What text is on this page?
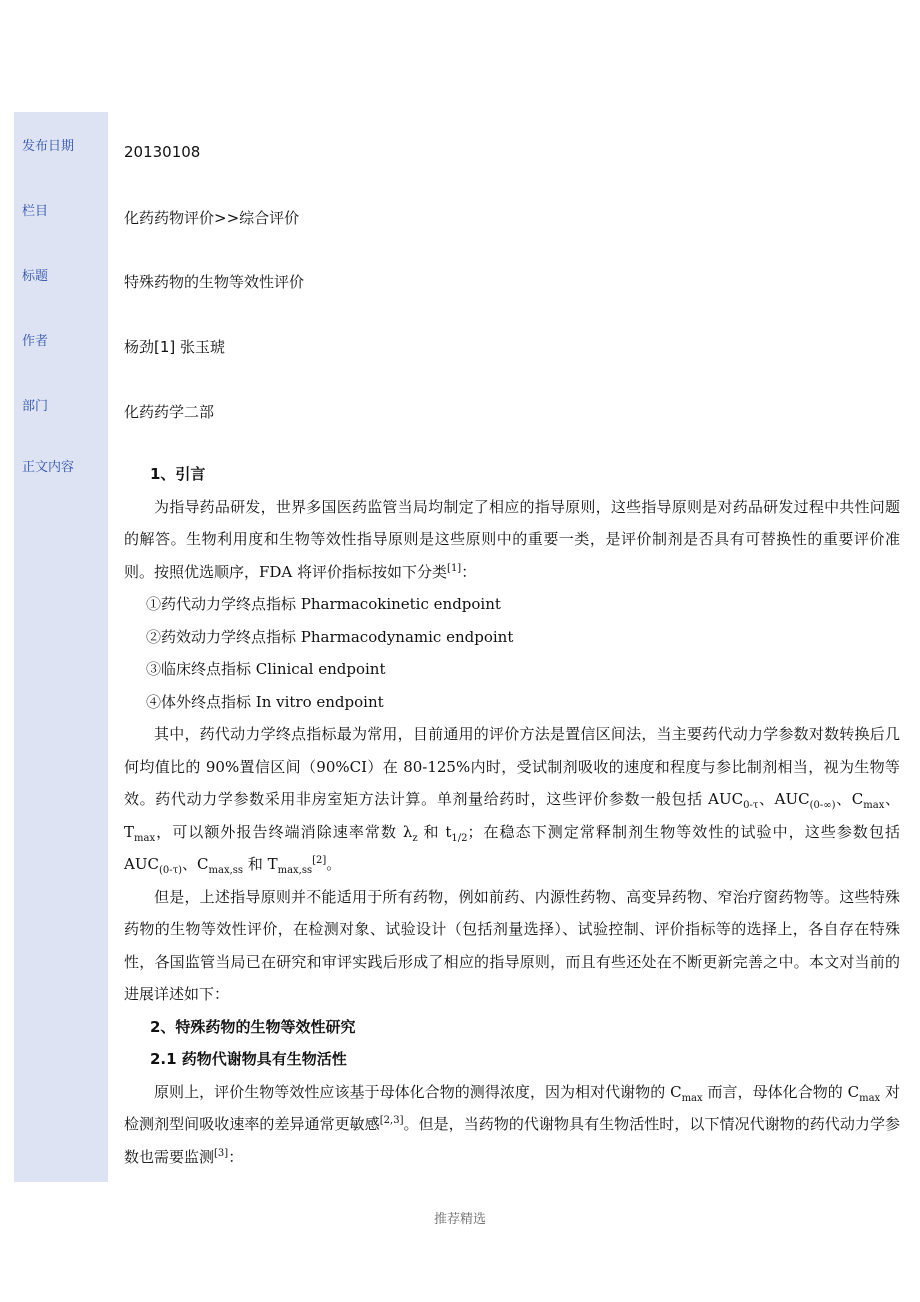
发布日期	20130108
栏目	化药药物评价>>综合评价
标题	特殊药物的生物等效性评价
作者	杨劲[1] 张玉琥
部门	化药药学二部
正文内容	1、引言

为指导药品研发，世界多国医药监管当局均制定了相应的指导原则，这些指导原则是对药品研发过程中共性问题的解答。生物利用度和生物等效性指导原则是这些原则中的重要一类，是评价制剂是否具有可替换性的重要评价准则。按照优选顺序，FDA 将评价指标按如下分类[1]：

①药代动力学终点指标 Pharmacokinetic endpoint

②药效动力学终点指标 Pharmacodynamic endpoint

③临床终点指标 Clinical endpoint

④体外终点指标 In vitro endpoint

其中，药代动力学终点指标最为常用，目前通用的评价方法是置信区间法，当主要药代动力学参数对数转换后几何均值比的 90%置信区间（90%CI）在 80-125%内时，受试制剂吸收的速度和程度与参比制剂相当，视为生物等效。药代动力学参数采用非房室矩方法计算。单剂量给药时，这些评价参数一般包括 $AUC_{0-\tau}$、$AUC_{(0-\infty)}$、$C_{max}$、$T_{max}$，可以额外报告终端消除速率常数 $\lambda_z$ 和 $t_{1/2}$；在稳态下测定常释制剂生物等效性的试验中，这些参数包括 $AUC_{(0-\tau)}$、$C_{max,ss}$ 和 $T_{max,ss}[2]$。

但是，上述指导原则并不能适用于所有药物，例如前药、内源性药物、高变异药物、窄治疗窗药物等。这些特殊药物的生物等效性评价，在检测对象、试验设计（包括剂量选择）、试验控制、评价指标等的选择上，各自存在特殊性，各国监管当局已在研究和审评实践后形成了相应的指导原则，而且有些还处在不断更新完善之中。本文对当前的进展详述如下：

2、特殊药物的生物等效性研究
2.1 药物代谢物具有生物活性

原则上，评价生物等效性应该基于母体化合物的测得浓度，因为相对代谢物的 $C_{max}$ 而言，母体化合物的 $C_{max}$ 对检测剂型间吸收速率的差异通常更敏感[2,3]。但是，当药物的代谢物具有生物活性时，以下情况代谢物的药代动力学参数也需要监测[3]：

推荐精选
